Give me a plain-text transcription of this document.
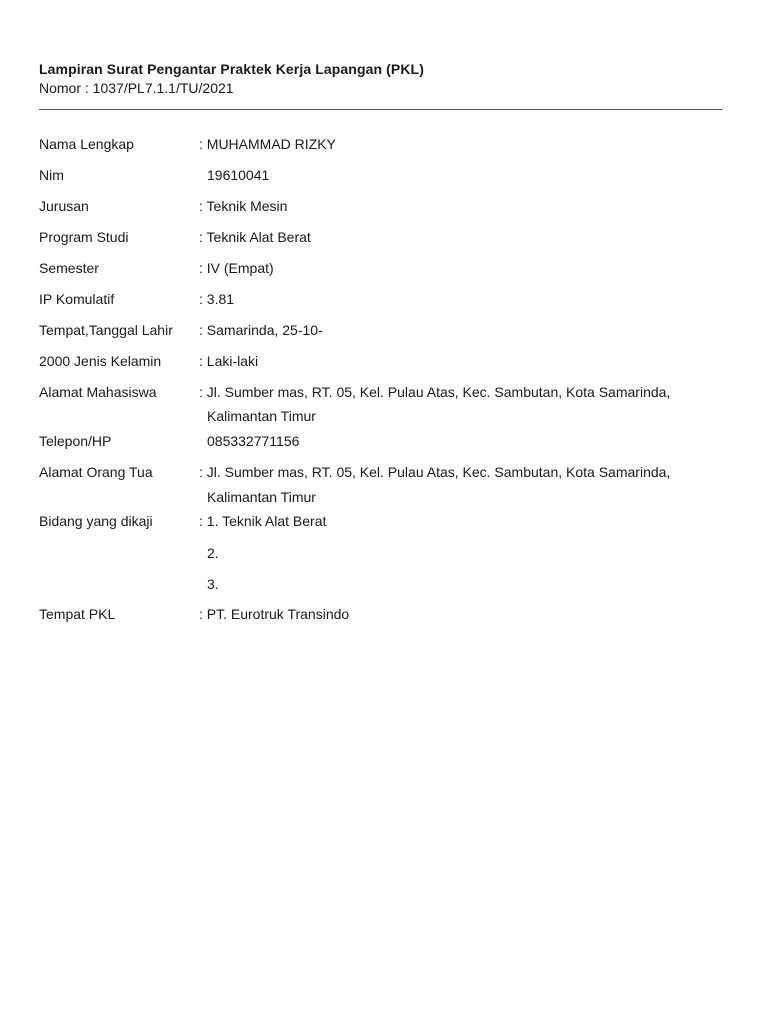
Lampiran Surat Pengantar Praktek Kerja Lapangan (PKL)
Nomor : 1037/PL7.1.1/TU/2021
Nama Lengkap	: MUHAMMAD RIZKY
Nim	19610041
Jurusan	: Teknik Mesin
Program Studi	: Teknik Alat Berat
Semester	: IV (Empat)
IP Komulatif	: 3.81
Tempat,Tanggal Lahir : Samarinda, 25-10-
2000 Jenis Kelamin	: Laki-laki
Alamat Mahasiswa	: Jl. Sumber mas, RT. 05, Kel. Pulau Atas, Kec. Sambutan, Kota Samarinda,
Kalimantan Timur
Telepon/HP	085332771156
Alamat Orang Tua	: Jl. Sumber mas, RT. 05, Kel. Pulau Atas, Kec. Sambutan, Kota Samarinda,
Kalimantan Timur
Bidang yang dikaji	: 1. Teknik Alat Berat
2.
3.
Tempat PKL	: PT. Eurotruk Transindo
